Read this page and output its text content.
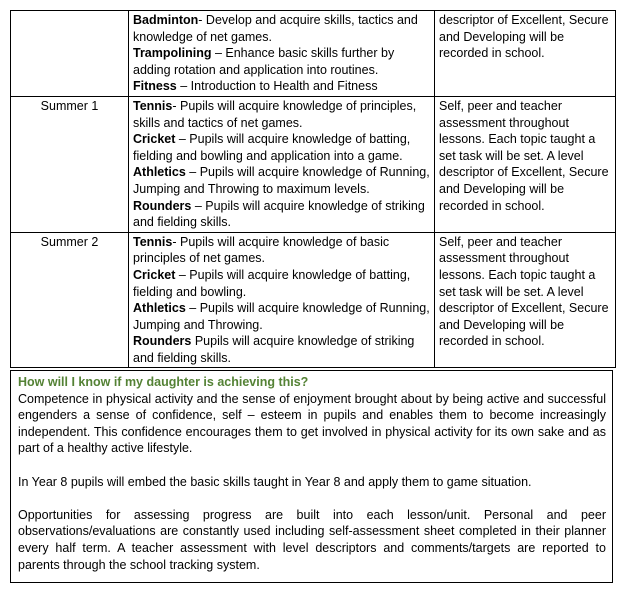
	Badminton- Develop and acquire skills, tactics and knowledge of net games.
Trampolining – Enhance basic skills further by adding rotation and application into routines.
Fitness – Introduction to Health and Fitness	descriptor of Excellent, Secure and Developing will be recorded in school.
Summer 1	Tennis- Pupils will acquire knowledge of principles, skills and tactics of net games.
Cricket – Pupils will acquire knowledge of batting, fielding and bowling and application into a game.
Athletics – Pupils will acquire knowledge of Running, Jumping and Throwing to maximum levels.
Rounders – Pupils will acquire knowledge of striking and fielding skills.	Self, peer and teacher assessment throughout lessons. Each topic taught a set task will be set. A level descriptor of Excellent, Secure and Developing will be recorded in school.
Summer 2	Tennis- Pupils will acquire knowledge of basic principles of net games.
Cricket – Pupils will acquire knowledge of batting, fielding and bowling.
Athletics – Pupils will acquire knowledge of Running, Jumping and Throwing.
Rounders Pupils will acquire knowledge of striking and fielding skills.	Self, peer and teacher assessment throughout lessons. Each topic taught a set task will be set. A level descriptor of Excellent, Secure and Developing will be recorded in school.

How will I know if my daughter is achieving this?

Competence in physical activity and the sense of enjoyment brought about by being active and successful engenders a sense of confidence, self – esteem in pupils and enables them to become increasingly independent. This confidence encourages them to get involved in physical activity for its own sake and as part of a healthy active lifestyle.

In Year 8 pupils will embed the basic skills taught in Year 8 and apply them to game situation.

Opportunities for assessing progress are built into each lesson/unit. Personal and peer observations/evaluations are constantly used including self-assessment sheet completed in their planner every half term. A teacher assessment with level descriptors and comments/targets are reported to parents through the school tracking system.
